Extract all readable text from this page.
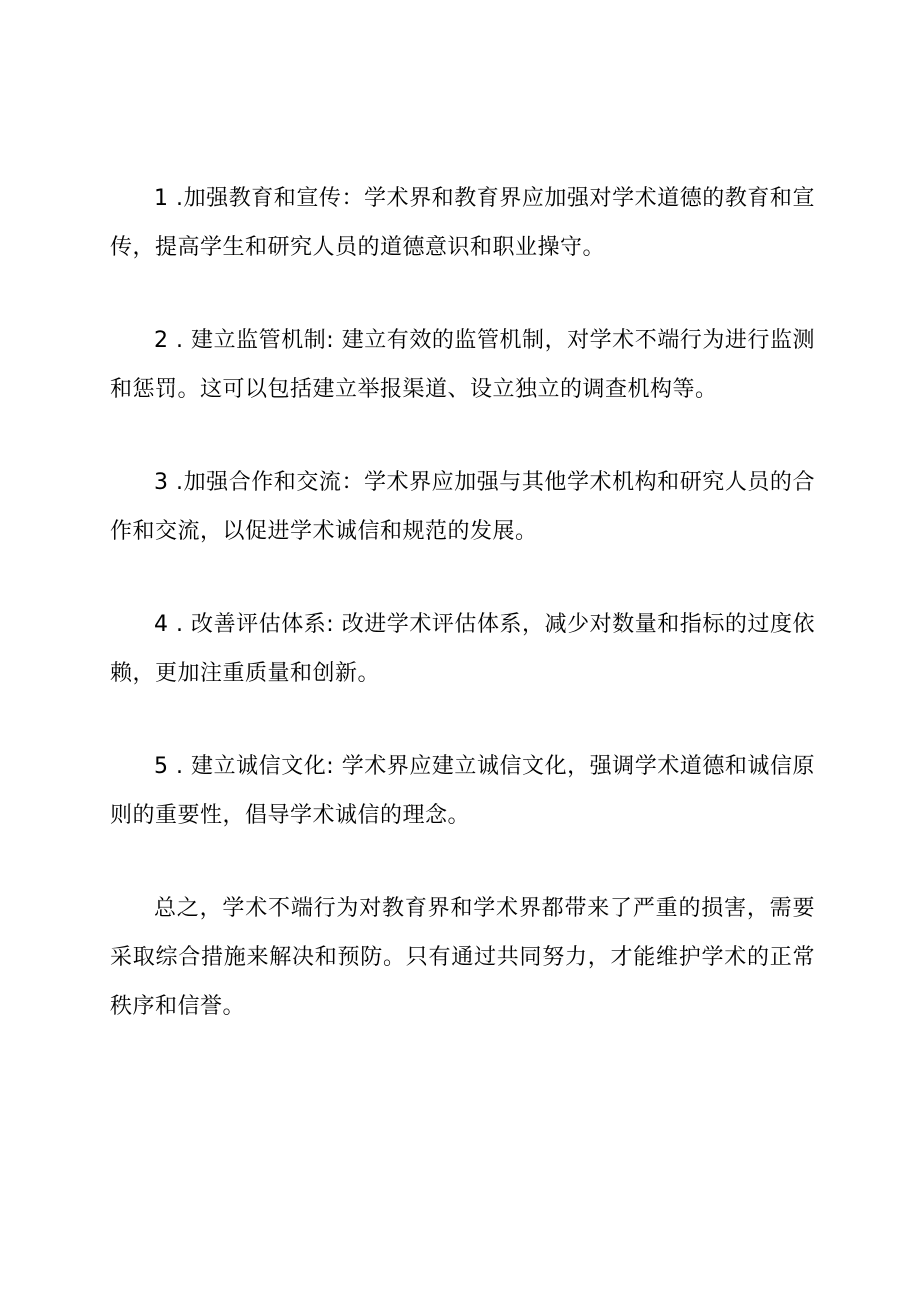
1 .加强教育和宣传：学术界和教育界应加强对学术道德的教育和宣传，提高学生和研究人员的道德意识和职业操守。

2 . 建立监管机制: 建立有效的监管机制，对学术不端行为进行监测和惩罚。这可以包括建立举报渠道、设立独立的调查机构等。

3 .加强合作和交流：学术界应加强与其他学术机构和研究人员的合作和交流，以促进学术诚信和规范的发展。

4 . 改善评估体系: 改进学术评估体系，减少对数量和指标的过度依赖，更加注重质量和创新。

5 . 建立诚信文化: 学术界应建立诚信文化，强调学术道德和诚信原则的重要性，倡导学术诚信的理念。

总之，学术不端行为对教育界和学术界都带来了严重的损害，需要采取综合措施来解决和预防。只有通过共同努力，才能维护学术的正常秩序和信誉。
